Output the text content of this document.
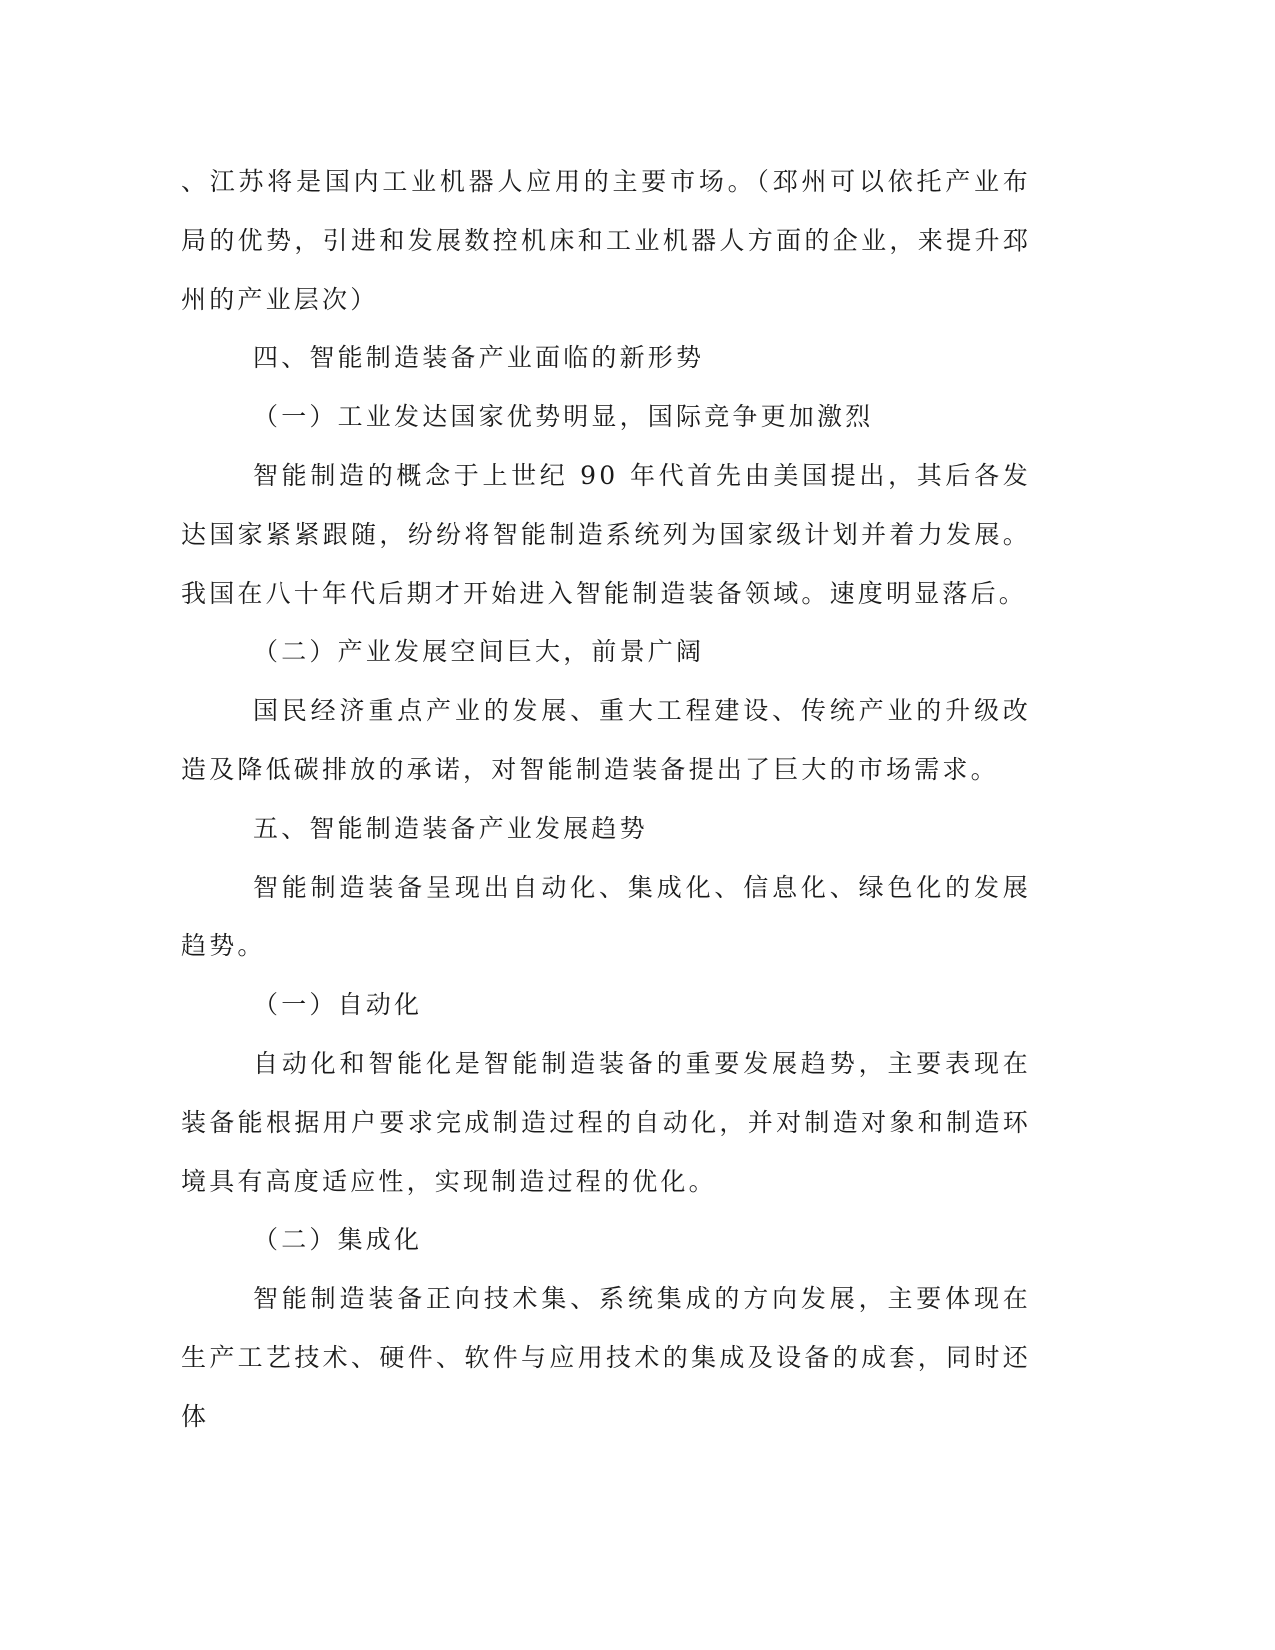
、江苏将是国内工业机器人应用的主要市场。（邳州可以依托产业布局的优势，引进和发展数控机床和工业机器人方面的企业，来提升邳州的产业层次）

四、智能制造装备产业面临的新形势

（一）工业发达国家优势明显，国际竞争更加激烈

智能制造的概念于上世纪 90 年代首先由美国提出，其后各发达国家紧紧跟随，纷纷将智能制造系统列为国家级计划并着力发展。我国在八十年代后期才开始进入智能制造装备领域。速度明显落后。

（二）产业发展空间巨大，前景广阔

国民经济重点产业的发展、重大工程建设、传统产业的升级改造及降低碳排放的承诺，对智能制造装备提出了巨大的市场需求。

五、智能制造装备产业发展趋势

智能制造装备呈现出自动化、集成化、信息化、绿色化的发展趋势。

（一）自动化

自动化和智能化是智能制造装备的重要发展趋势，主要表现在装备能根据用户要求完成制造过程的自动化，并对制造对象和制造环境具有高度适应性，实现制造过程的优化。

（二）集成化

智能制造装备正向技术集、系统集成的方向发展，主要体现在生产工艺技术、硬件、软件与应用技术的集成及设备的成套，同时还体
